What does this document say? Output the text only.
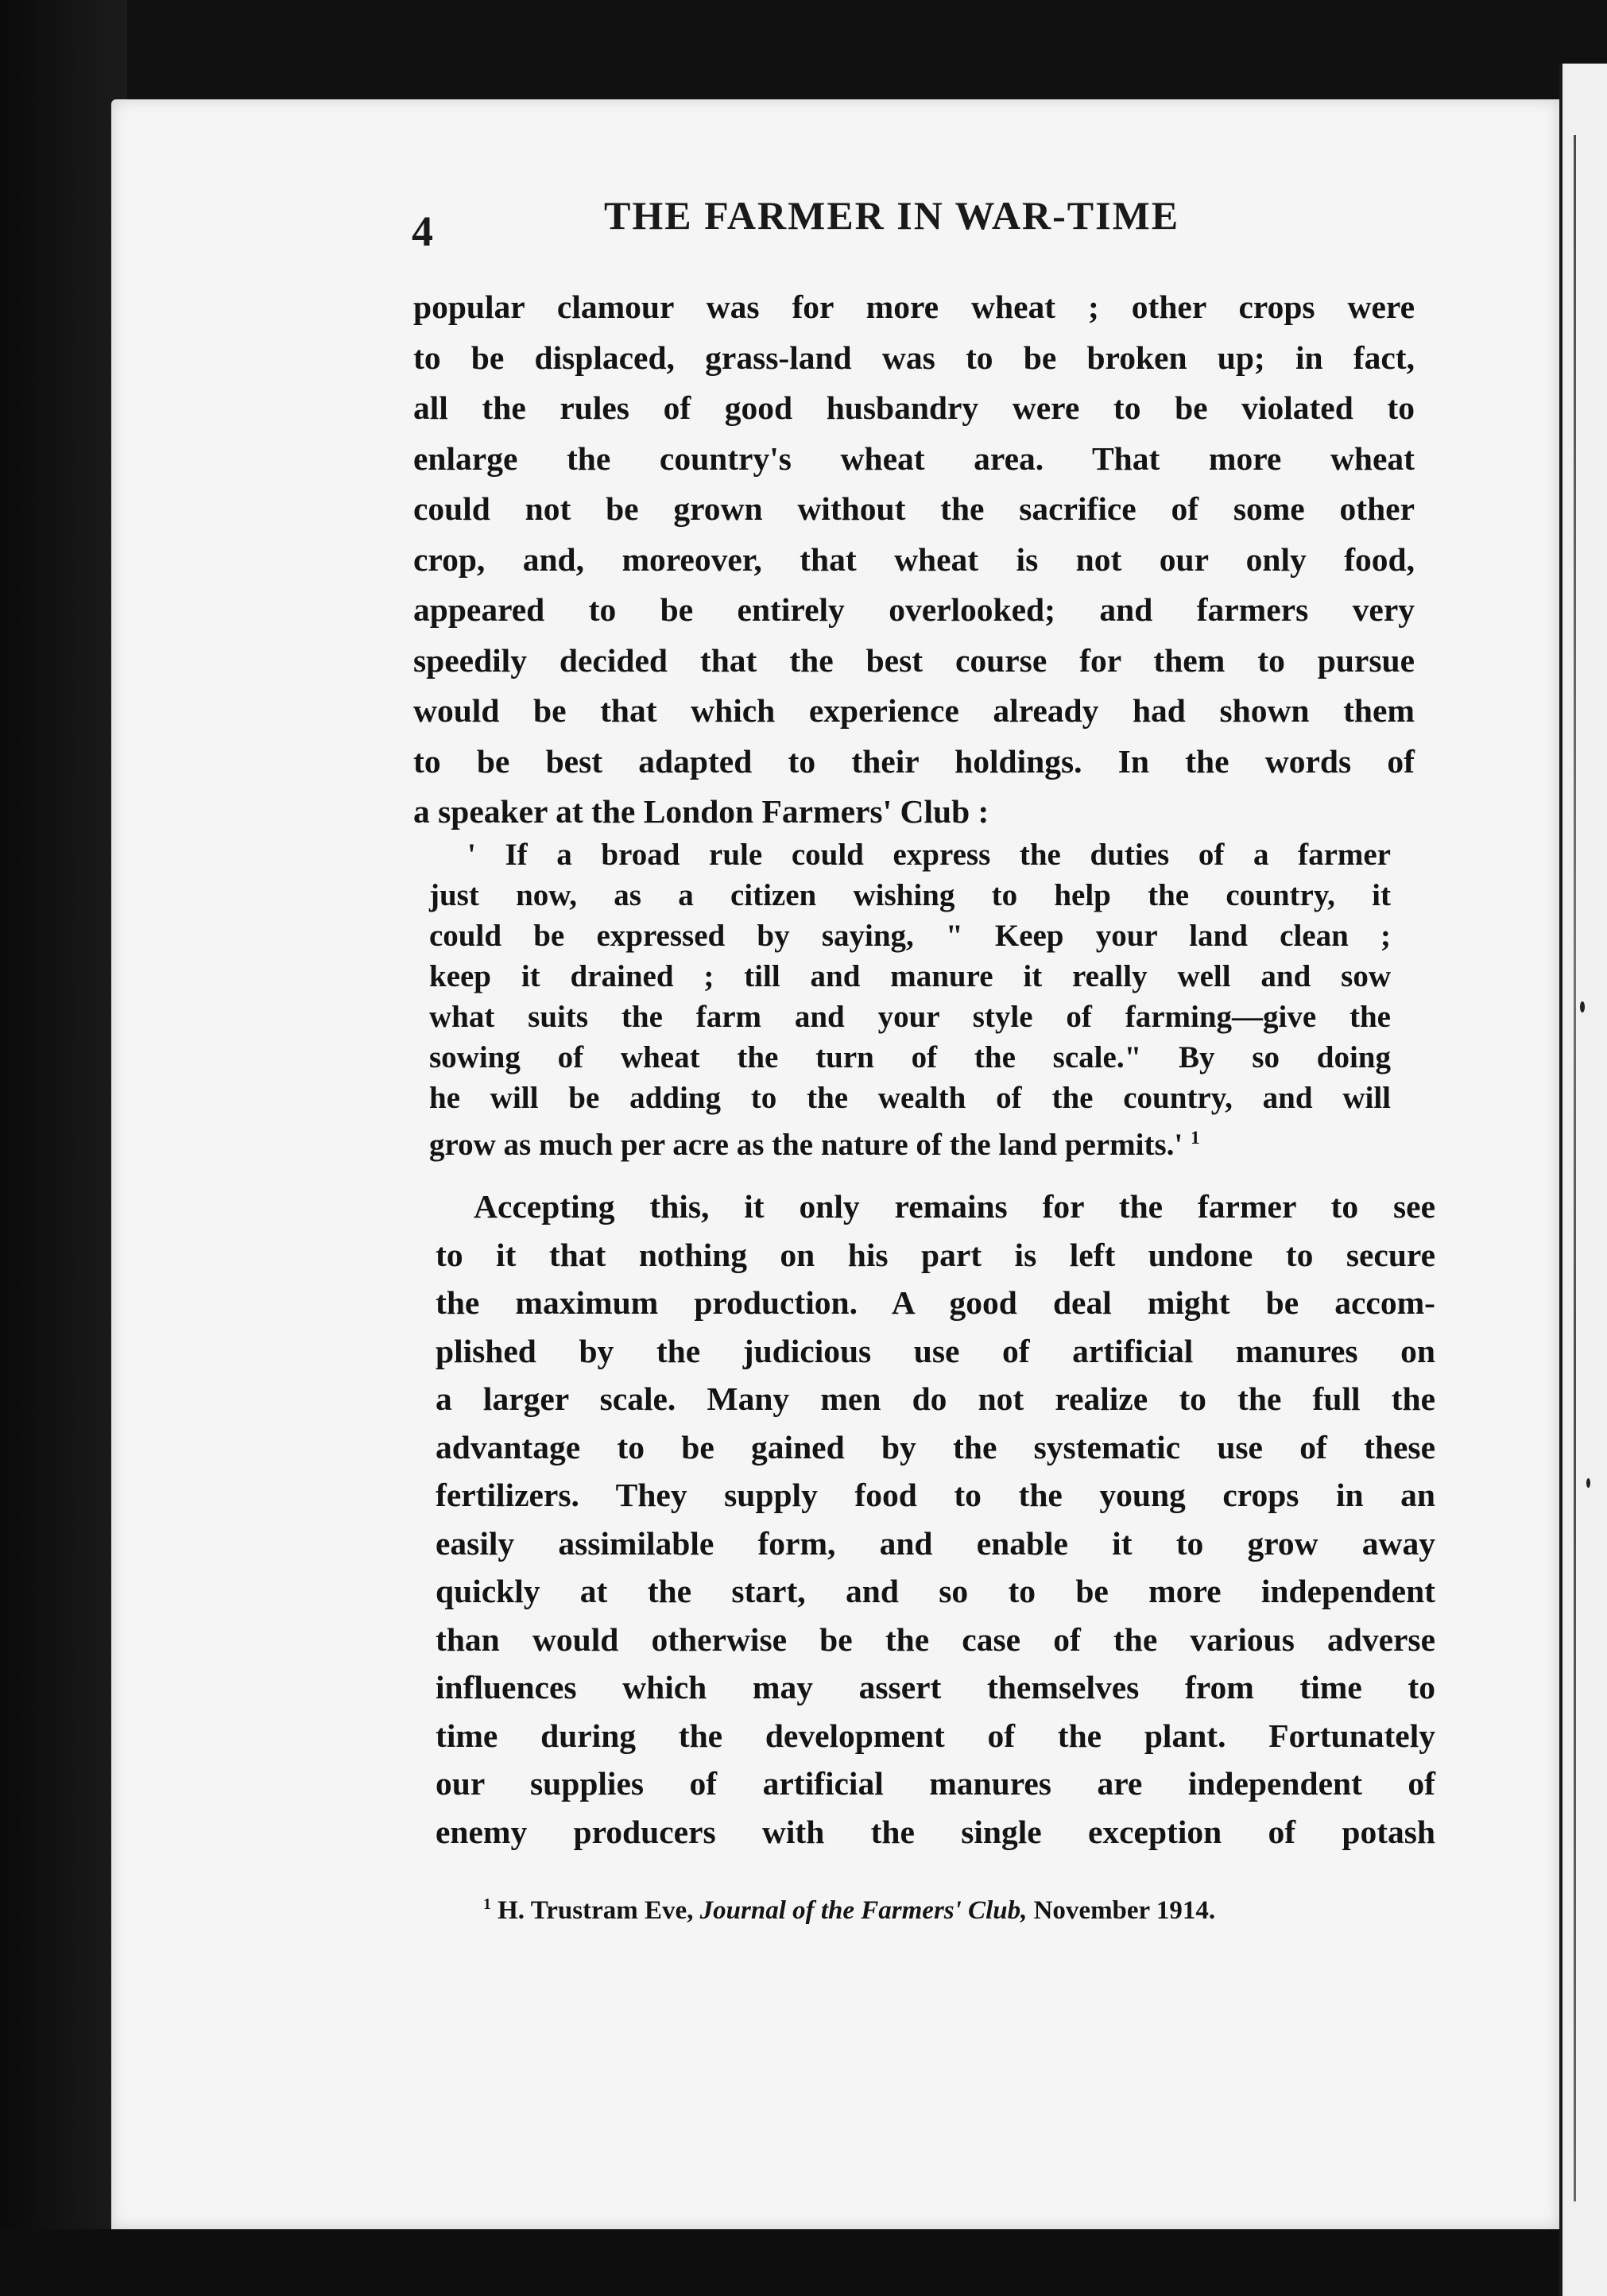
4	THE FARMER IN WAR-TIME
popular clamour was for more wheat ; other crops were
to be displaced, grass-land was to be broken up; in fact,
all the rules of good husbandry were to be violated to
enlarge the country's wheat area. That more wheat
could not be grown without the sacrifice of some other
crop, and, moreover, that wheat is not our only food,
appeared to be entirely overlooked; and farmers very
speedily decided that the best course for them to pursue
would be that which experience already had shown them
to be best adapted to their holdings. In the words of
a speaker at the London Farmers' Club :
' If a broad rule could express the duties of a farmer
just now, as a citizen wishing to help the country, it
could be expressed by saying, " Keep your land clean ;
keep it drained ; till and manure it really well and sow
what suits the farm and your style of farming—give the
sowing of wheat the turn of the scale." By so doing
he will be adding to the wealth of the country, and will
grow as much per acre as the nature of the land permits.' $^1$
Accepting this, it only remains for the farmer to see
to it that nothing on his part is left undone to secure
the maximum production. A good deal might be accom-
plished by the judicious use of artificial manures on
a larger scale. Many men do not realize to the full the
advantage to be gained by the systematic use of these
fertilizers. They supply food to the young crops in an
easily assimilable form, and enable it to grow away
quickly at the start, and so to be more independent
than would otherwise be the case of the various adverse
influences which may assert themselves from time to
time during the development of the plant. Fortunately
our supplies of artificial manures are independent of
enemy producers with the single exception of potash
$^1$ H. Trustram Eve, Journal of the Farmers' Club, November 1914.
